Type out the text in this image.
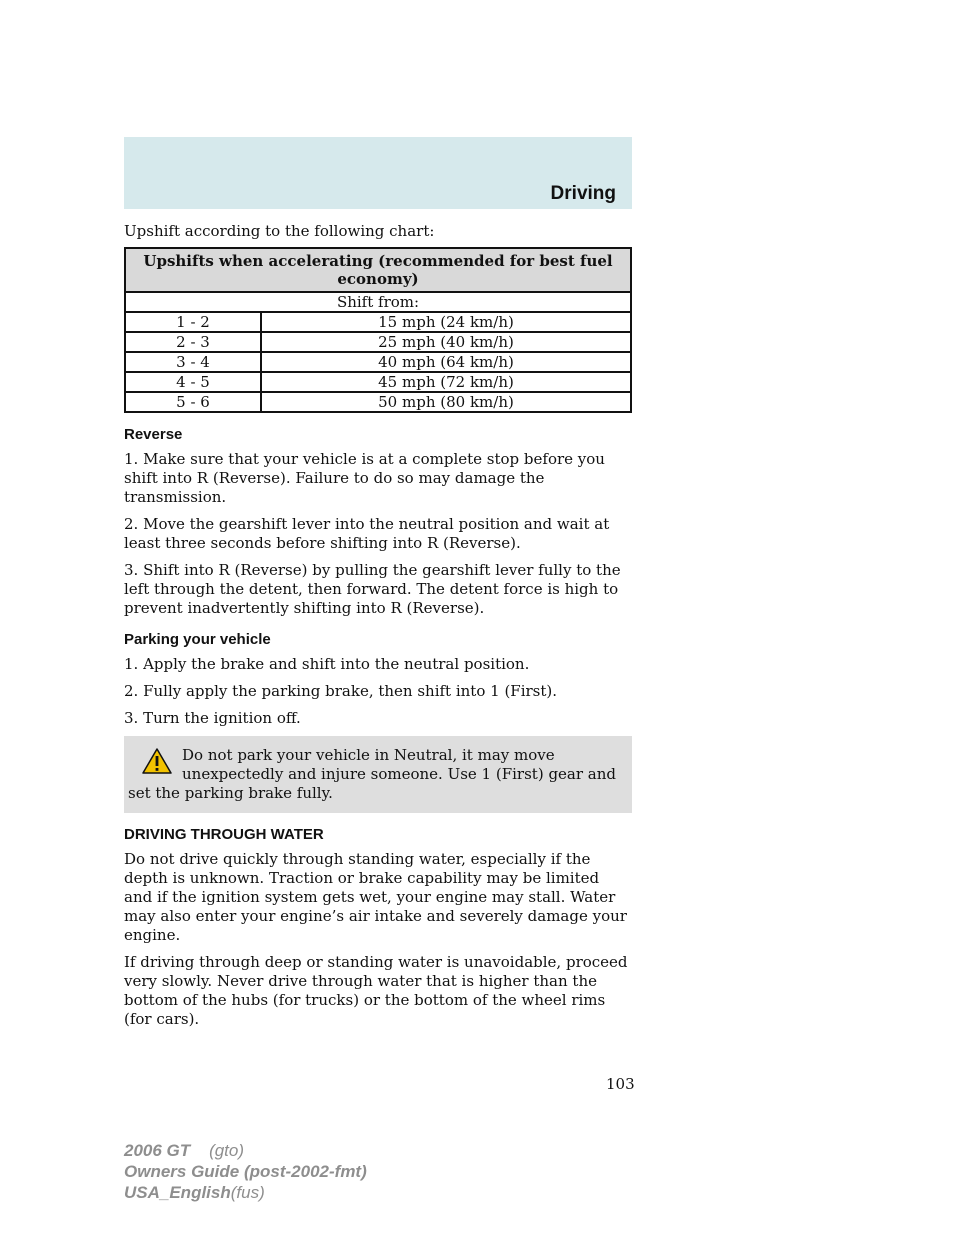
Driving

Upshift according to the following chart:

Upshifts when accelerating (recommended for best fuel economy)	
Shift from:	
1 - 2	15 mph (24 km/h)
2 - 3	25 mph (40 km/h)
3 - 4	40 mph (64 km/h)
4 - 5	45 mph (72 km/h)
5 - 6	50 mph (80 km/h)
Reverse

1. Make sure that your vehicle is at a complete stop before you shift into R (Reverse). Failure to do so may damage the transmission.

2. Move the gearshift lever into the neutral position and wait at least three seconds before shifting into R (Reverse).

3. Shift into R (Reverse) by pulling the gearshift lever fully to the left through the detent, then forward. The detent force is high to prevent inadvertently shifting into R (Reverse).

Parking your vehicle

1. Apply the brake and shift into the neutral position.

2. Fully apply the parking brake, then shift into 1 (First).

3. Turn the ignition off.

Do not park your vehicle in Neutral, it may move unexpectedly and injure someone. Use 1 (First) gear and set the parking brake fully.
DRIVING THROUGH WATER

Do not drive quickly through standing water, especially if the depth is unknown. Traction or brake capability may be limited and if the ignition system gets wet, your engine may stall. Water may also enter your engine’s air intake and severely damage your engine.

If driving through deep or standing water is unavoidable, proceed very slowly. Never drive through water that is higher than the bottom of the hubs (for trucks) or the bottom of the wheel rims (for cars).

103
2006 GT (gto)
Owners Guide (post-2002-fmt)
USA_English(fus)
